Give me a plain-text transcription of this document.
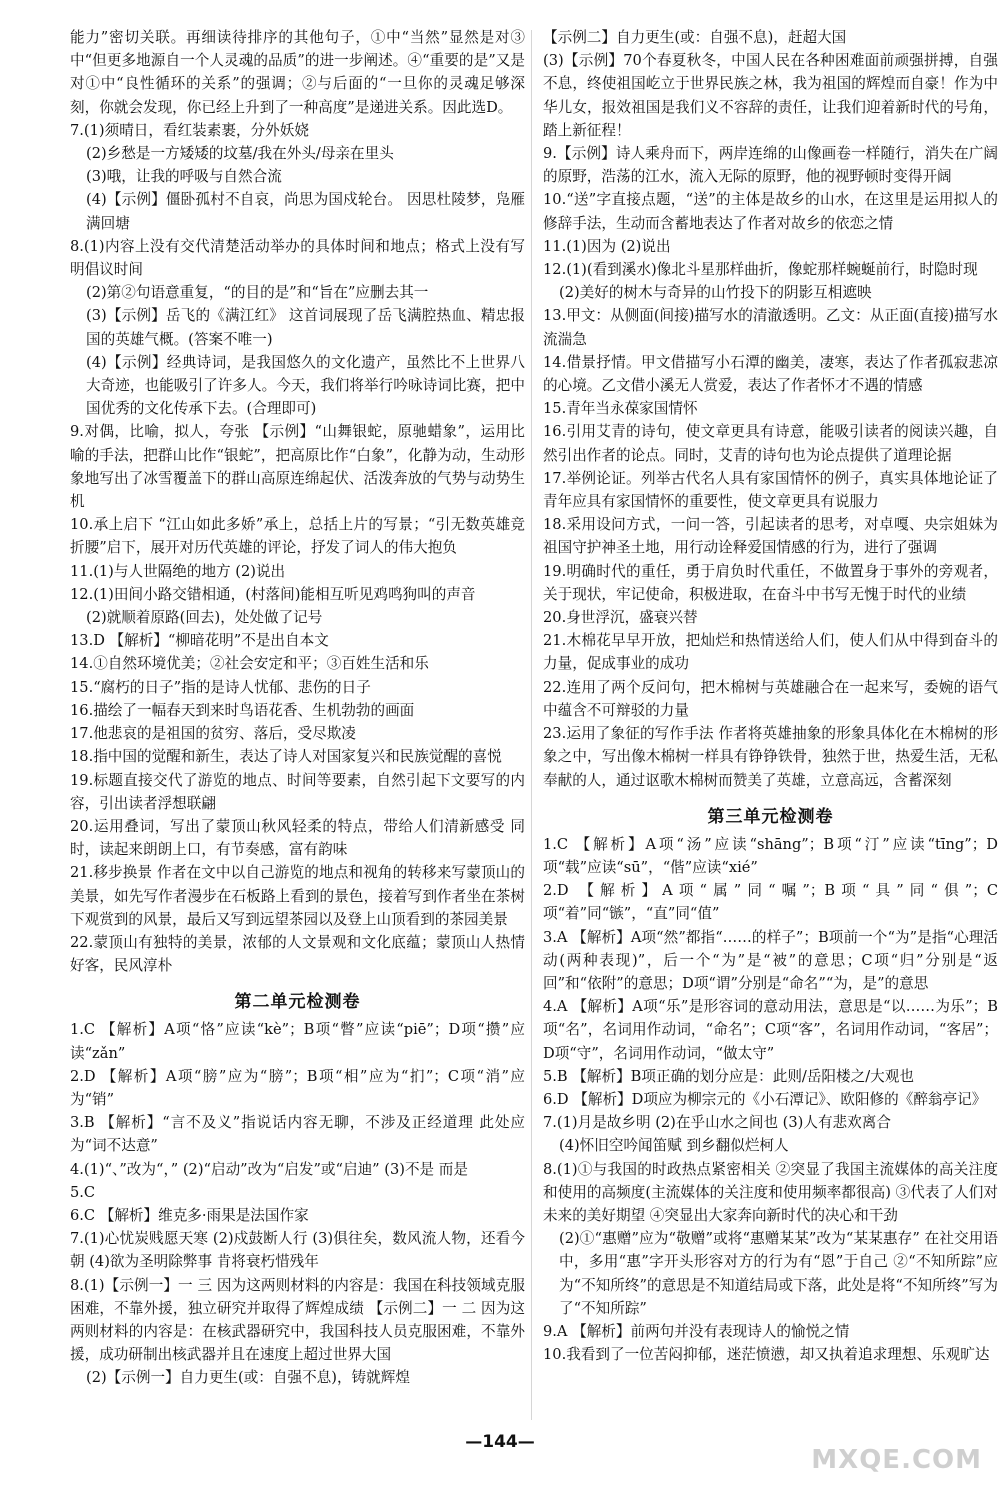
能力”密切关联。再细读待排序的其他句子，①中“当然”显然是对③中“但更多地源自一个人灵魂的品质”的进一步阐述。④“重要的是”又是对①中“良性循环的关系”的强调；②与后面的“一旦你的灵魂足够深刻，你就会发现，你已经上升到了一种高度”是递进关系。因此选D。

7.(1)须晴日，看红装素裹，分外妖娆

(2)乡愁是一方矮矮的坟墓/我在外头/母亲在里头

(3)哦，让我的呼吸与自然合流

(4)【示例】僵卧孤村不自哀，尚思为国戍轮台。 因思杜陵梦，凫雁满回塘

8.(1)内容上没有交代清楚活动举办的具体时间和地点；格式上没有写明倡议时间

(2)第②句语意重复，“的目的是”和“旨在”应删去其一

(3)【示例】岳飞的《满江红》 这首词展现了岳飞满腔热血、精忠报国的英雄气概。(答案不唯一)

(4)【示例】经典诗词，是我国悠久的文化遗产，虽然比不上世界八大奇迹，也能吸引了许多人。今天，我们将举行吟咏诗词比赛，把中国优秀的文化传承下去。(合理即可)

9.对偶，比喻，拟人，夸张 【示例】“山舞银蛇，原驰蜡象”，运用比喻的手法，把群山比作“银蛇”，把高原比作“白象”，化静为动，生动形象地写出了冰雪覆盖下的群山高原连绵起伏、活泼奔放的气势与动势生机

10.承上启下 “江山如此多娇”承上，总括上片的写景；“引无数英雄竞折腰”启下，展开对历代英雄的评论，抒发了词人的伟大抱负

11.(1)与人世隔绝的地方 (2)说出

12.(1)田间小路交错相通，(村落间)能相互听见鸡鸣狗叫的声音

(2)就顺着原路(回去)，处处做了记号

13.D 【解析】“柳暗花明”不是出自本文

14.①自然环境优美；②社会安定和平；③百姓生活和乐

15.“腐朽的日子”指的是诗人忧郁、悲伤的日子

16.描绘了一幅春天到来时鸟语花香、生机勃勃的画面

17.他悲哀的是祖国的贫穷、落后，受尽欺凌

18.指中国的觉醒和新生，表达了诗人对国家复兴和民族觉醒的喜悦

19.标题直接交代了游览的地点、时间等要素，自然引起下文要写的内容，引出读者浮想联翩

20.运用叠词，写出了蒙顶山秋风轻柔的特点，带给人们清新感受 同时，读起来朗朗上口，有节奏感，富有韵味

21.移步换景 作者在文中以自己游览的地点和视角的转移来写蒙顶山的美景，如先写作者漫步在石板路上看到的景色，接着写到作者坐在茶树下观赏到的风景，最后又写到远望茶园以及登上山顶看到的茶园美景

22.蒙顶山有独特的美景，浓郁的人文景观和文化底蕴；蒙顶山人热情好客，民风淳朴

第二单元检测卷

1.C 【解析】A项“恪”应读“kè”；B项“瞥”应读“piē”；D项“攒”应读“zǎn”

2.D 【解析】A项“膀”应为“膀”；B项“相”应为“扪”；C项“消”应为“销”

3.B 【解析】“言不及义”指说话内容无聊，不涉及正经道理 此处应为“词不达意”

4.(1)“、”改为“，” (2)“启动”改为“启发”或“启迪” (3)不是 而是

5.C

6.C 【解析】维克多·雨果是法国作家

7.(1)心忧炭贱愿天寒 (2)戍鼓断人行 (3)俱往矣，数风流人物，还看今朝 (4)欲为圣明除弊事 肯将衰朽惜残年

8.(1)【示例一】一 三 因为这两则材料的内容是：我国在科技领域克服困难，不靠外援，独立研究并取得了辉煌成绩 【示例二】一 二 因为这两则材料的内容是：在核武器研究中，我国科技人员克服困难，不靠外援，成功研制出核武器并且在速度上超过世界大国

(2)【示例一】自力更生(或：自强不息)，铸就辉煌

【示例二】自力更生(或：自强不息)，赶超大国

(3)【示例】70个春夏秋冬，中国人民在各种困难面前顽强拼搏，自强不息，终使祖国屹立于世界民族之林，我为祖国的辉煌而自豪！作为中华儿女，报效祖国是我们义不容辞的责任，让我们迎着新时代的号角，踏上新征程！

9.【示例】诗人乘舟而下，两岸连绵的山像画卷一样随行，消失在广阔的原野，浩荡的江水，流入无际的原野，他的视野顿时变得开阔

10.“送”字直接点题，“送”的主体是故乡的山水，在这里是运用拟人的修辞手法，生动而含蓄地表达了作者对故乡的依恋之情

11.(1)因为 (2)说出

12.(1)(看到溪水)像北斗星那样曲折，像蛇那样蜿蜒前行，时隐时现

(2)美好的树木与奇异的山竹投下的阴影互相遮映

13.甲文：从侧面(间接)描写水的清澈透明。乙文：从正面(直接)描写水流湍急

14.借景抒情。甲文借描写小石潭的幽美，凄寒，表达了作者孤寂悲凉的心境。乙文借小溪无人赏爱，表达了作者怀才不遇的情感

15.青年当永葆家国情怀

16.引用艾青的诗句，使文章更具有诗意，能吸引读者的阅读兴趣，自然引出作者的论点。同时，艾青的诗句也为论点提供了道理论据

17.举例论证。列举古代名人具有家国情怀的例子，真实具体地论证了青年应具有家国情怀的重要性，使文章更具有说服力

18.采用设问方式，一问一答，引起读者的思考，对卓嘎、央宗姐妹为祖国守护神圣土地，用行动诠释爱国情感的行为，进行了强调

19.明确时代的重任，勇于肩负时代重任，不做置身于事外的旁观者，关于现状，牢记使命，积极进取，在奋斗中书写无愧于时代的业绩

20.身世浮沉，盛衰兴替

21.木棉花早早开放，把灿烂和热情送给人们，使人们从中得到奋斗的力量，促成事业的成功

22.连用了两个反问句，把木棉树与英雄融合在一起来写，委婉的语气中蕴含不可辩驳的力量

23.运用了象征的写作手法 作者将英雄抽象的形象具体化在木棉树的形象之中，写出像木棉树一样具有铮铮铁骨，独然于世，热爱生活，无私奉献的人，通过讴歌木棉树而赞美了英雄，立意高远，含蓄深刻

第三单元检测卷

1.C 【解析】A项“汤”应读“shāng”；B项“汀”应读“tīng”；D项“载”应读“sū”，“偕”应读“xié”

2.D 【解析】A项“属”同“嘱”；B项“具”同“俱”；C项“着”同“镞”，“直”同“值”

3.A 【解析】A项“然”都指“……的样子”；B项前一个“为”是指“心理活动(两种表现)”，后一个“为”是“被”的意思；C项“归”分别是“返回”和“依附”的意思；D项“谓”分别是“命名”“为，是”的意思

4.A 【解析】A项“乐”是形容词的意动用法，意思是“以……为乐”；B项“名”，名词用作动词，“命名”；C项“客”，名词用作动词，“客居”；D项“守”，名词用作动词，“做太守”

5.B 【解析】B项正确的划分应是：此则/岳阳楼之/大观也

6.D 【解析】D项应为柳宗元的《小石潭记》、欧阳修的《醉翁亭记》

7.(1)月是故乡明 (2)在乎山水之间也 (3)人有悲欢离合

(4)怀旧空吟闻笛赋 到乡翻似烂柯人

8.(1)①与我国的时政热点紧密相关 ②突显了我国主流媒体的高关注度和使用的高频度(主流媒体的关注度和使用频率都很高) ③代表了人们对未来的美好期望 ④突显出大家奔向新时代的决心和干劲

(2)①“惠赠”应为“敬赠”或将“惠赠某某”改为“某某惠存” 在社交用语中，多用“惠”字开头形容对方的行为有“恩”于自己 ②“不知所踪”应为“不知所终”的意思是不知道结局或下落，此处是将“不知所终”写为了“不知所踪”

9.A 【解析】前两句并没有表现诗人的愉悦之情

10.我看到了一位苦闷抑郁，迷茫愤懑，却又执着追求理想、乐观旷达

—144—
MXQE.COM
